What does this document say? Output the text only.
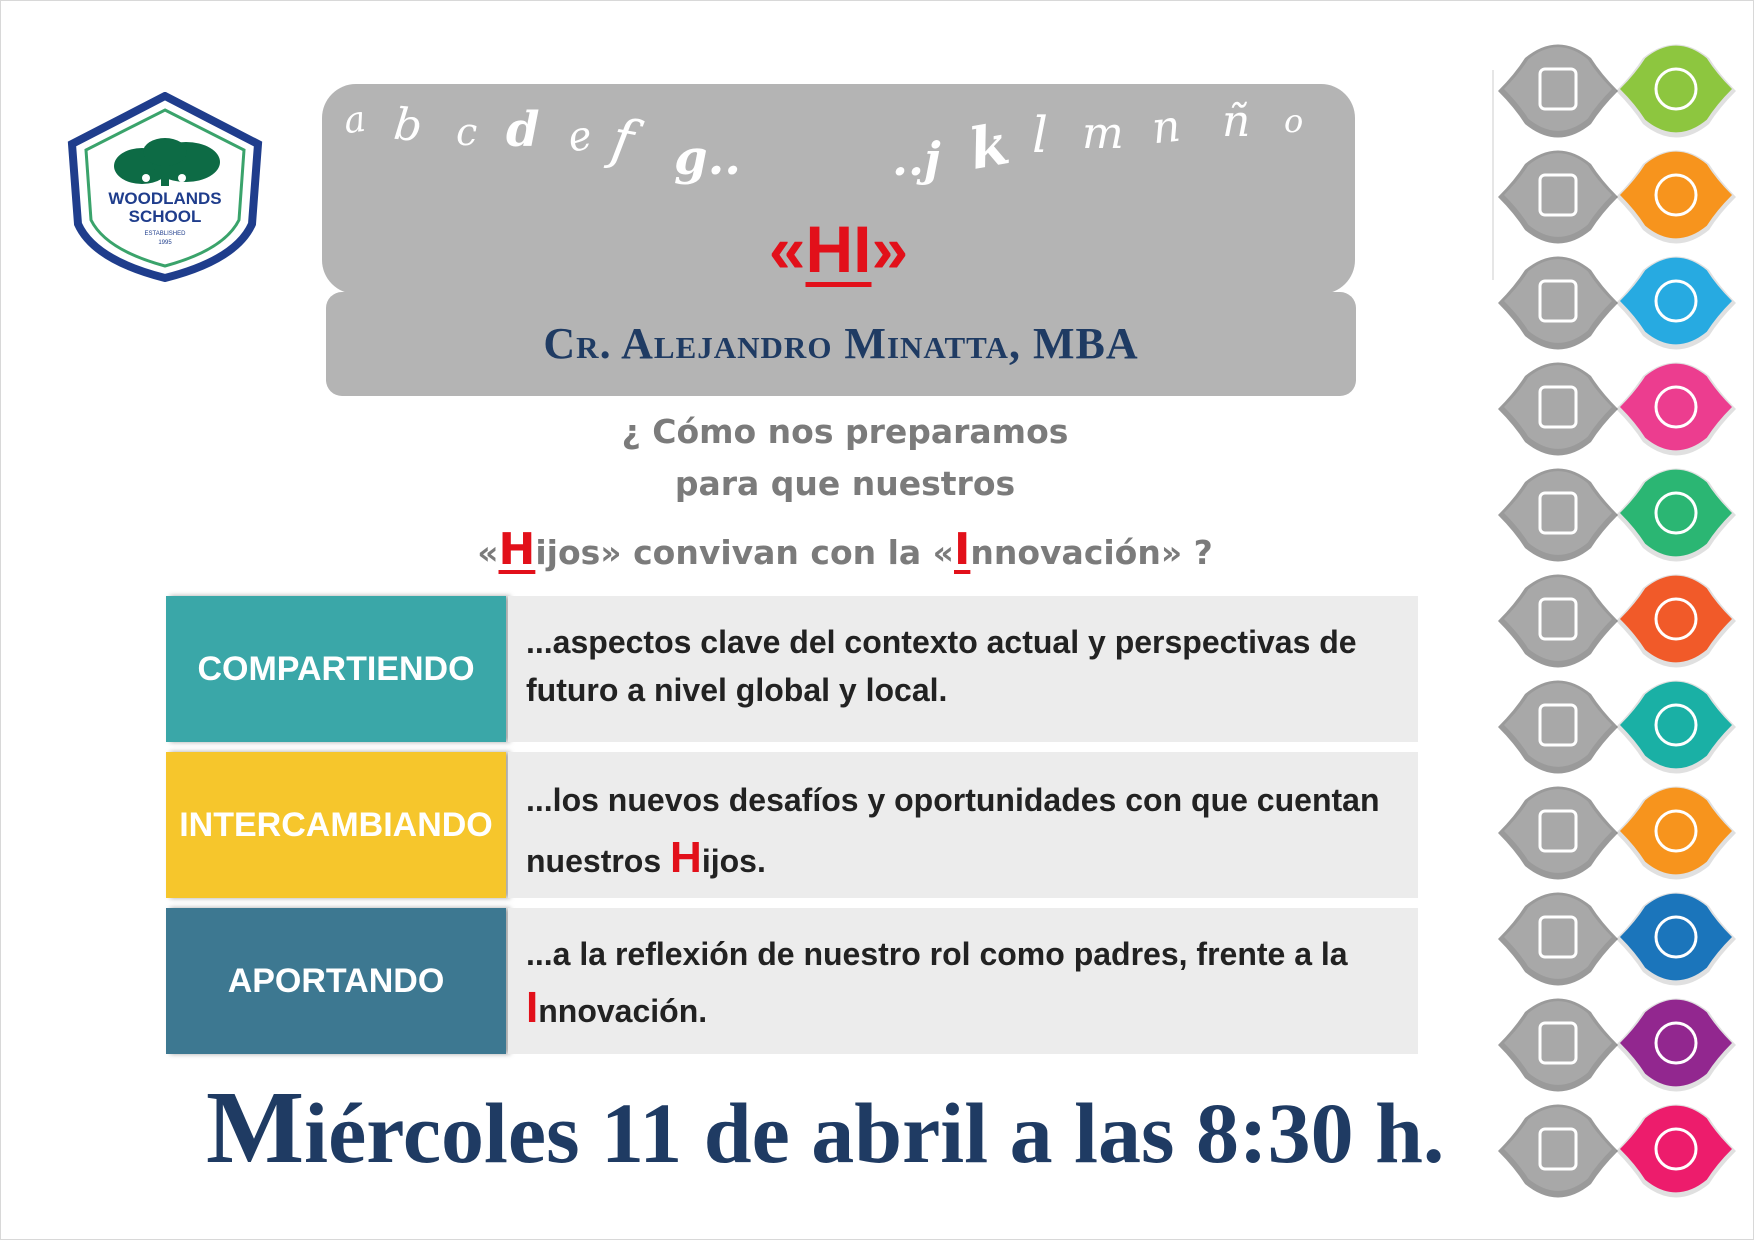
WOODLANDS
SCHOOL
ESTABLISHED
1995
a b c d e f g..	..j k l m n ñ o
«HI»
Cr. Alejandro Minatta, MBA
¿ Cómo nos preparamos
para que nuestros
«Hijos» convivan con la «Innovación» ?
COMPARTIENDO
...aspectos clave del contexto actual y perspectivas de
futuro a nivel global y local.
INTERCAMBIANDO
...los nuevos desafíos y oportunidades con que cuentan
nuestros Hijos.
APORTANDO
...a la reflexión de nuestro rol como padres, frente a la
Innovación.
Miércoles 11 de abril a las 8:30 h.
